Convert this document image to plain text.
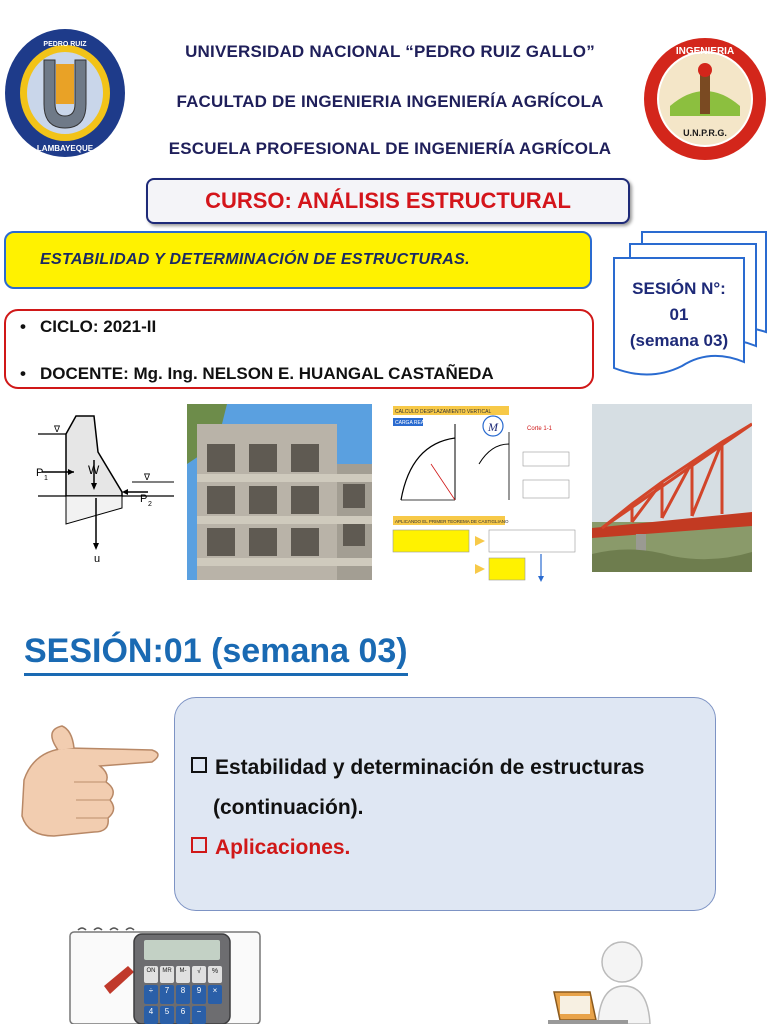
PEDRO RUIZ
LAMBAYEQUE
UNIVERSIDAD NACIONAL “PEDRO RUIZ GALLO”
FACULTAD DE INGENIERIA INGENIERÍA AGRÍCOLA
ESCUELA PROFESIONAL DE INGENIERÍA AGRÍCOLA
INGENIERIA
U.N.P.R.G.
CURSO: ANÁLISIS ESTRUCTURAL
ESTABILIDAD Y DETERMINACIÓN DE ESTRUCTURAS.
SESIÓN N°:
01
(semana 03)
• CICLO: 2021-II
• DOCENTE: Mg. Ing. NELSON E. HUANGAL CASTAÑEDA
∇
∇
P 1
W
P 2
u
CALCULO DESPLAZAMIENTO VERTICAL
CARGA REAL	M	Corte 1-1
APLICANDO EL PRIMER TEOREMA DE CASTIGLIANO
SESIÓN:01 (semana 03)
Estabilidad y determinación de estructuras
(continuación).
Aplicaciones.
ON	MR	M-	√	%
÷	7	8	9	×
4	5	6	−
